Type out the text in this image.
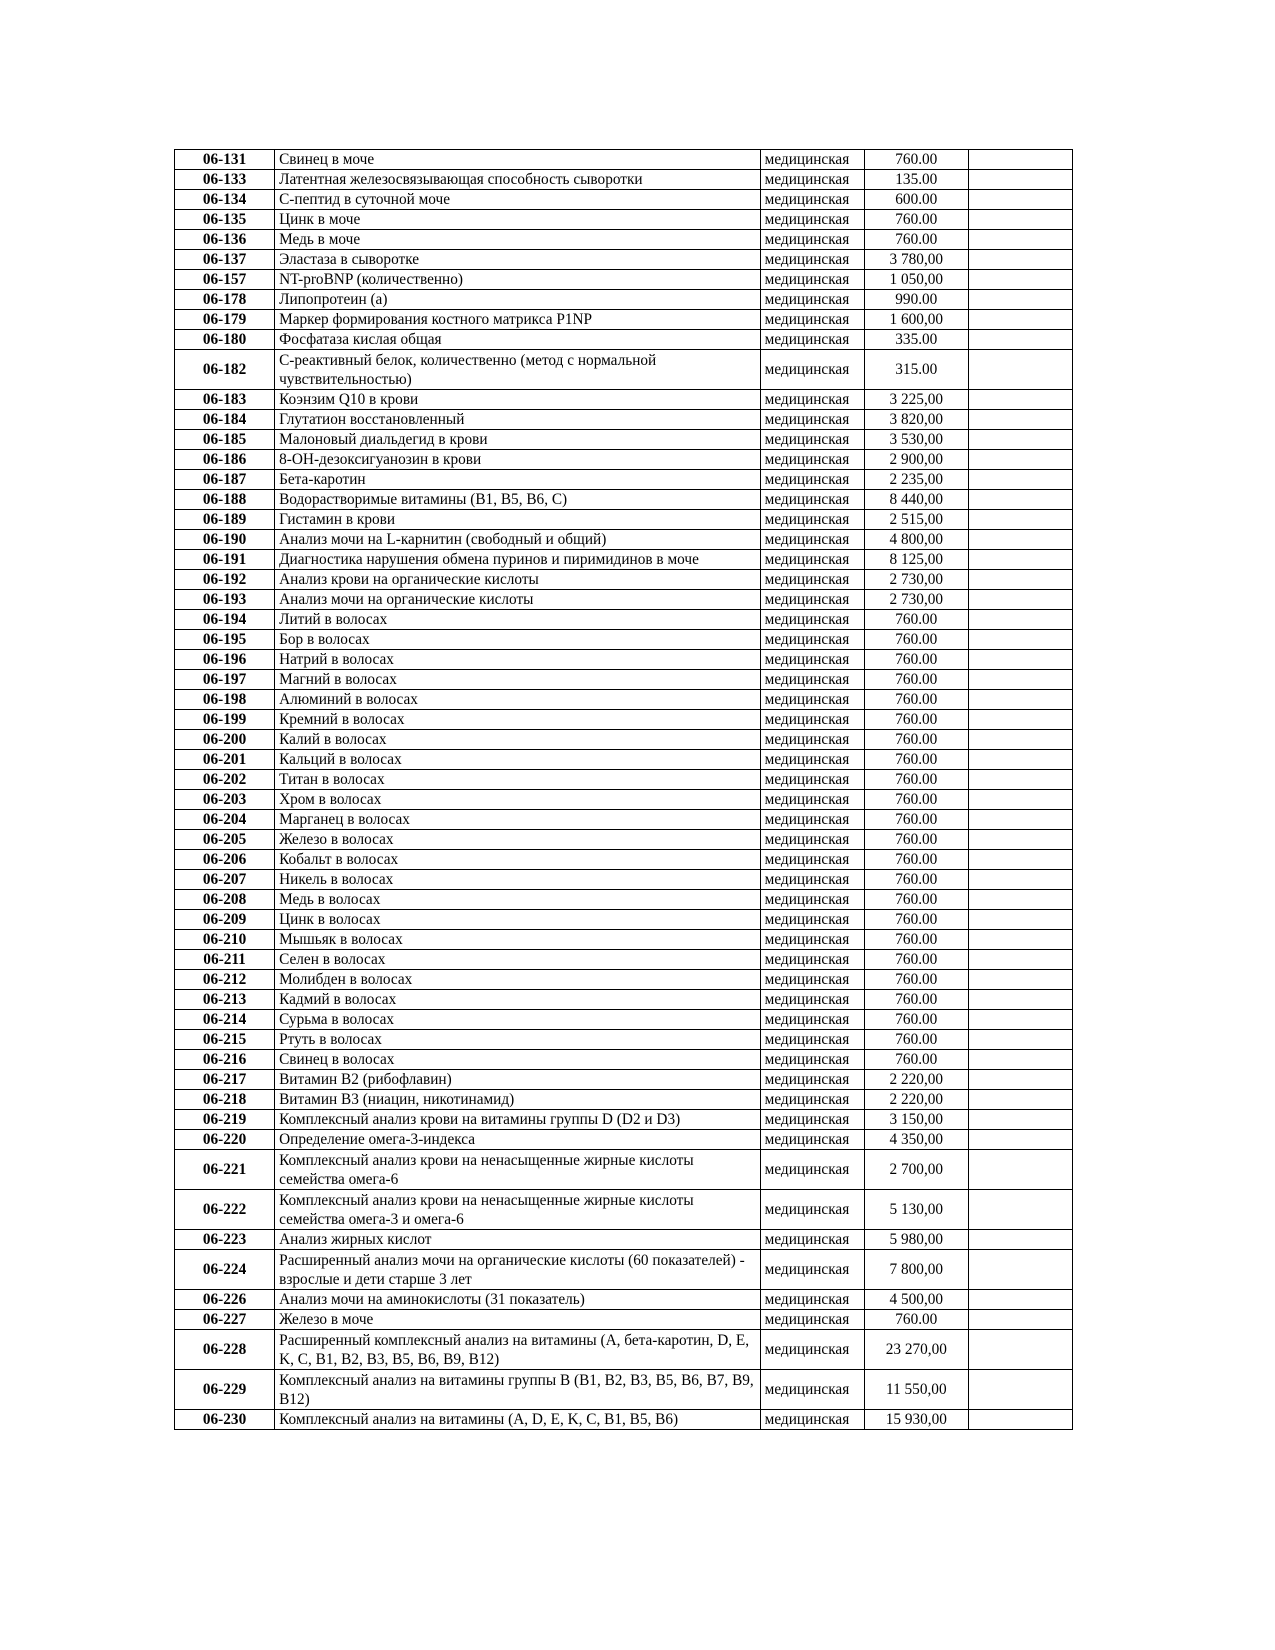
06-131	Свинец в моче	медицинская	760.00	
06-133	Латентная железосвязывающая способность сыворотки	медицинская	135.00	
06-134	С-пептид в суточной моче	медицинская	600.00	
06-135	Цинк в моче	медицинская	760.00	
06-136	Медь в моче	медицинская	760.00	
06-137	Эластаза в сыворотке	медицинская	3 780,00	
06-157	NT-proBNP (количественно)	медицинская	1 050,00	
06-178	Липопротеин (а)	медицинская	990.00	
06-179	Маркер формирования костного матрикса P1NP	медицинская	1 600,00	
06-180	Фосфатаза кислая общая	медицинская	335.00	
06-182	С-реактивный белок, количественно (метод с нормальной чувствительностью)	медицинская	315.00	
06-183	Коэнзим Q10 в крови	медицинская	3 225,00	
06-184	Глутатион восстановленный	медицинская	3 820,00	
06-185	Малоновый диальдегид в крови	медицинская	3 530,00	
06-186	8-ОН-дезоксигуанозин в крови	медицинская	2 900,00	
06-187	Бета-каротин	медицинская	2 235,00	
06-188	Водорастворимые витамины (В1, В5, В6, С)	медицинская	8 440,00	
06-189	Гистамин в крови	медицинская	2 515,00	
06-190	Анализ мочи на L-карнитин (свободный и общий)	медицинская	4 800,00	
06-191	Диагностика нарушения обмена пуринов и пиримидинов в моче	медицинская	8 125,00	
06-192	Анализ крови на органические кислоты	медицинская	2 730,00	
06-193	Анализ мочи на органические кислоты	медицинская	2 730,00	
06-194	Литий в волосах	медицинская	760.00	
06-195	Бор в волосах	медицинская	760.00	
06-196	Натрий в волосах	медицинская	760.00	
06-197	Магний в волосах	медицинская	760.00	
06-198	Алюминий в волосах	медицинская	760.00	
06-199	Кремний в волосах	медицинская	760.00	
06-200	Калий в волосах	медицинская	760.00	
06-201	Кальций в волосах	медицинская	760.00	
06-202	Титан в волосах	медицинская	760.00	
06-203	Хром в волосах	медицинская	760.00	
06-204	Марганец в волосах	медицинская	760.00	
06-205	Железо в волосах	медицинская	760.00	
06-206	Кобальт в волосах	медицинская	760.00	
06-207	Никель в волосах	медицинская	760.00	
06-208	Медь в волосах	медицинская	760.00	
06-209	Цинк в волосах	медицинская	760.00	
06-210	Мышьяк в волосах	медицинская	760.00	
06-211	Селен в волосах	медицинская	760.00	
06-212	Молибден в волосах	медицинская	760.00	
06-213	Кадмий в волосах	медицинская	760.00	
06-214	Сурьма в волосах	медицинская	760.00	
06-215	Ртуть в волосах	медицинская	760.00	
06-216	Свинец в волосах	медицинская	760.00	
06-217	Витамин В2 (рибофлавин)	медицинская	2 220,00	
06-218	Витамин В3 (ниацин, никотинамид)	медицинская	2 220,00	
06-219	Комплексный анализ крови на витамины группы D (D2 и D3)	медицинская	3 150,00	
06-220	Определение омега-3-индекса	медицинская	4 350,00	
06-221	Комплексный анализ крови на ненасыщенные жирные кислоты семейства омега-6	медицинская	2 700,00	
06-222	Комплексный анализ крови на ненасыщенные жирные кислоты семейства омега-3 и омега-6	медицинская	5 130,00	
06-223	Анализ жирных кислот	медицинская	5 980,00	
06-224	Расширенный анализ мочи на органические кислоты (60 показателей) - взрослые и дети старше 3 лет	медицинская	7 800,00	
06-226	Анализ мочи на аминокислоты (31 показатель)	медицинская	4 500,00	
06-227	Железо в моче	медицинская	760.00	
06-228	Расширенный комплексный анализ на витамины (A, бета-каротин, D, E, K, C, B1, B2, B3, B5, B6, B9, B12)	медицинская	23 270,00	
06-229	Комплексный анализ на витамины группы В (В1, В2, В3, В5, В6, В7, В9, В12)	медицинская	11 550,00	
06-230	Комплексный анализ на витамины (A, D, E, K, C, B1, B5, B6)	медицинская	15 930,00	
